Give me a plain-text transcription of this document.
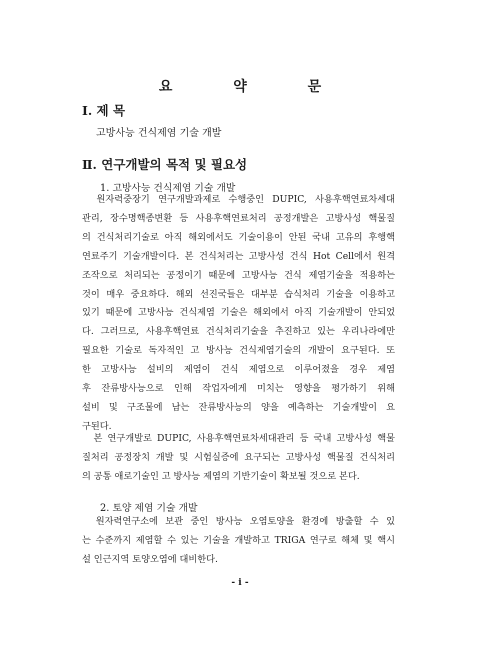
요 약 문
Ⅰ. 제 목
고방사능 건식제염 기술 개발
Ⅱ. 연구개발의 목적 및 필요성
1. 고방사능 건식제염 기술 개발
　원자력중장기 연구개발과제로 수행중인 DUPIC, 사용후핵연료차세대
관리, 장수명핵종변환 등 사용후핵연료처리 공정개발은 고방사성 핵물질
의 건식처리기술로 아직 해외에서도 기술이용이 안된 국내 고유의 후행핵
연료주기 기술개발이다. 본 건식처리는 고방사성 건식 Hot Cell에서 원격
조작으로 처리되는 공정이기 때문에 고방사능 건식 제염기술을 적용하는
것이 매우 중요하다. 해외 선진국들은 대부분 습식처리 기술을 이용하고
있기 때문에 고방사능 건식제염 기술은 해외에서 아직 기술개발이 안되었
다. 그러므로, 사용후핵연료 건식처리기술을 추진하고 있는 우리나라에만
필요한 기술로 독자적인 고 방사능 건식제염기술의 개발이 요구된다. 또
한 고방사능 설비의 제염이 건식 제염으로 이루어졌을 경우 제염
후 잔류방사능으로 인해 작업자에게 미치는 영향을 평가하기 위해
설비 및 구조물에 남는 잔류방사능의 양을 예측하는 기술개발이 요
구된다.
　본 연구개발로 DUPIC, 사용후핵연료차세대관리 등 국내 고방사성 핵물
질처리 공정장치 개발 및 시험실증에 요구되는 고방사성 핵물질 건식처리
의 공통 애로기술인 고 방사능 제염의 기반기술이 확보될 것으로 본다.
2. 토양 제염 기술 개발
　원자력연구소에 보관 중인 방사능 오염토양을 환경에 방출할 수 있
는 수준까지 제염할 수 있는 기술을 개발하고 TRIGA 연구로 해체 및 핵시
설 인근지역 토양오염에 대비한다.
- i -
